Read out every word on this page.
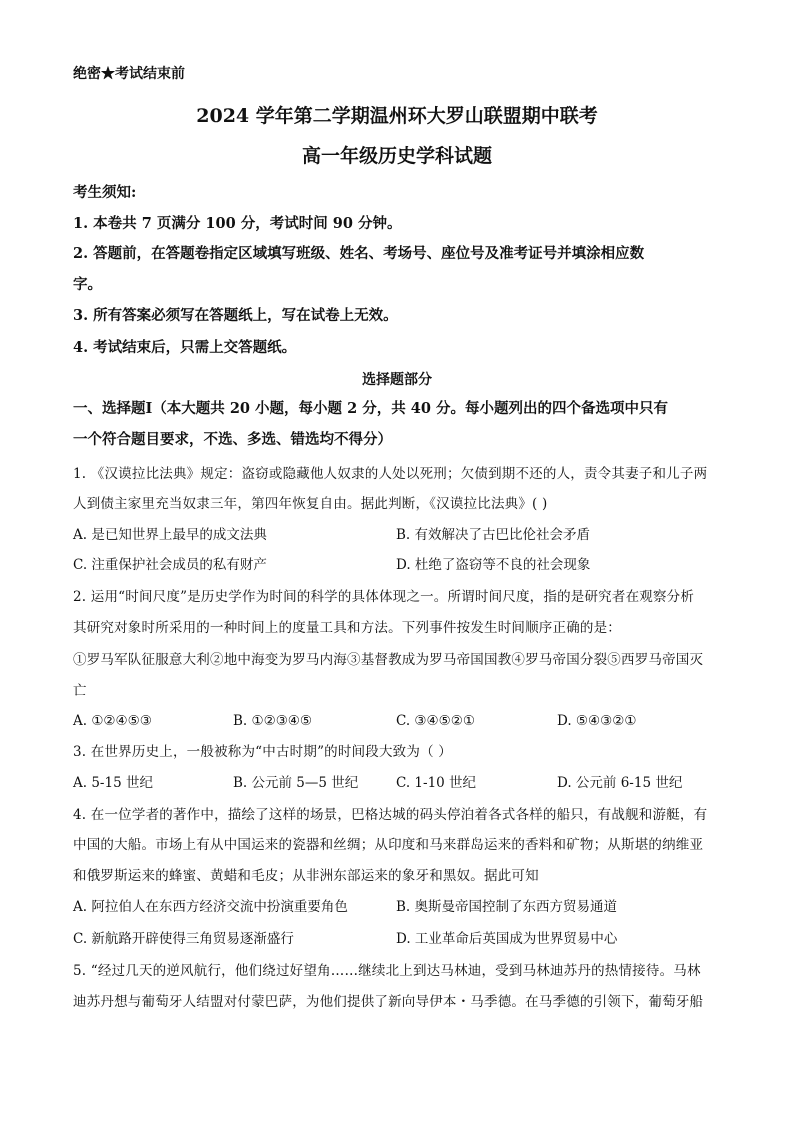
绝密★考试结束前
2024 学年第二学期温州环大罗山联盟期中联考
高一年级历史学科试题
考生须知:
1. 本卷共 7 页满分 100 分，考试时间 90 分钟。
2. 答题前，在答题卷指定区域填写班级、姓名、考场号、座位号及准考证号并填涂相应数
字。
3. 所有答案必须写在答题纸上，写在试卷上无效。
4. 考试结束后，只需上交答题纸。
选择题部分
一、选择题Ⅰ（本大题共 20 小题，每小题 2 分，共 40 分。每小题列出的四个备选项中只有
一个符合题目要求，不选、多选、错选均不得分）
1. 《汉谟拉比法典》规定：盗窃或隐藏他人奴隶的人处以死刑；欠债到期不还的人，责令其妻子和儿子两
人到债主家里充当奴隶三年，第四年恢复自由。据此判断，《汉谟拉比法典》( )
A. 是已知世界上最早的成文法典	B. 有效解决了古巴比伦社会矛盾
C. 注重保护社会成员的私有财产	D. 杜绝了盗窃等不良的社会现象
2. 运用“时间尺度”是历史学作为时间的科学的具体体现之一。所谓时间尺度，指的是研究者在观察分析
其研究对象时所采用的一种时间上的度量工具和方法。下列事件按发生时间顺序正确的是：
①罗马军队征服意大利②地中海变为罗马内海③基督教成为罗马帝国国教④罗马帝国分裂⑤西罗马帝国灭
亡
A. ①②④⑤③	B. ①②③④⑤	C. ③④⑤②①	D. ⑤④③②①
3. 在世界历史上，一般被称为“中古时期”的时间段大致为（ ）
A. 5-15 世纪	B. 公元前 5—5 世纪	C. 1-10 世纪	D. 公元前 6-15 世纪
4. 在一位学者的著作中，描绘了这样的场景，巴格达城的码头停泊着各式各样的船只，有战舰和游艇，有
中国的大船。市场上有从中国运来的瓷器和丝绸；从印度和马来群岛运来的香料和矿物；从斯堪的纳维亚
和俄罗斯运来的蜂蜜、黄蜡和毛皮；从非洲东部运来的象牙和黑奴。据此可知
A. 阿拉伯人在东西方经济交流中扮演重要角色	B. 奥斯曼帝国控制了东西方贸易通道
C. 新航路开辟使得三角贸易逐渐盛行	D. 工业革命后英国成为世界贸易中心
5. “经过几天的逆风航行，他们绕过好望角……继续北上到达马林迪，受到马林迪苏丹的热情接待。马林
迪苏丹想与葡萄牙人结盟对付蒙巴萨，为他们提供了新向导伊本・马季德。在马季德的引领下，葡萄牙船
